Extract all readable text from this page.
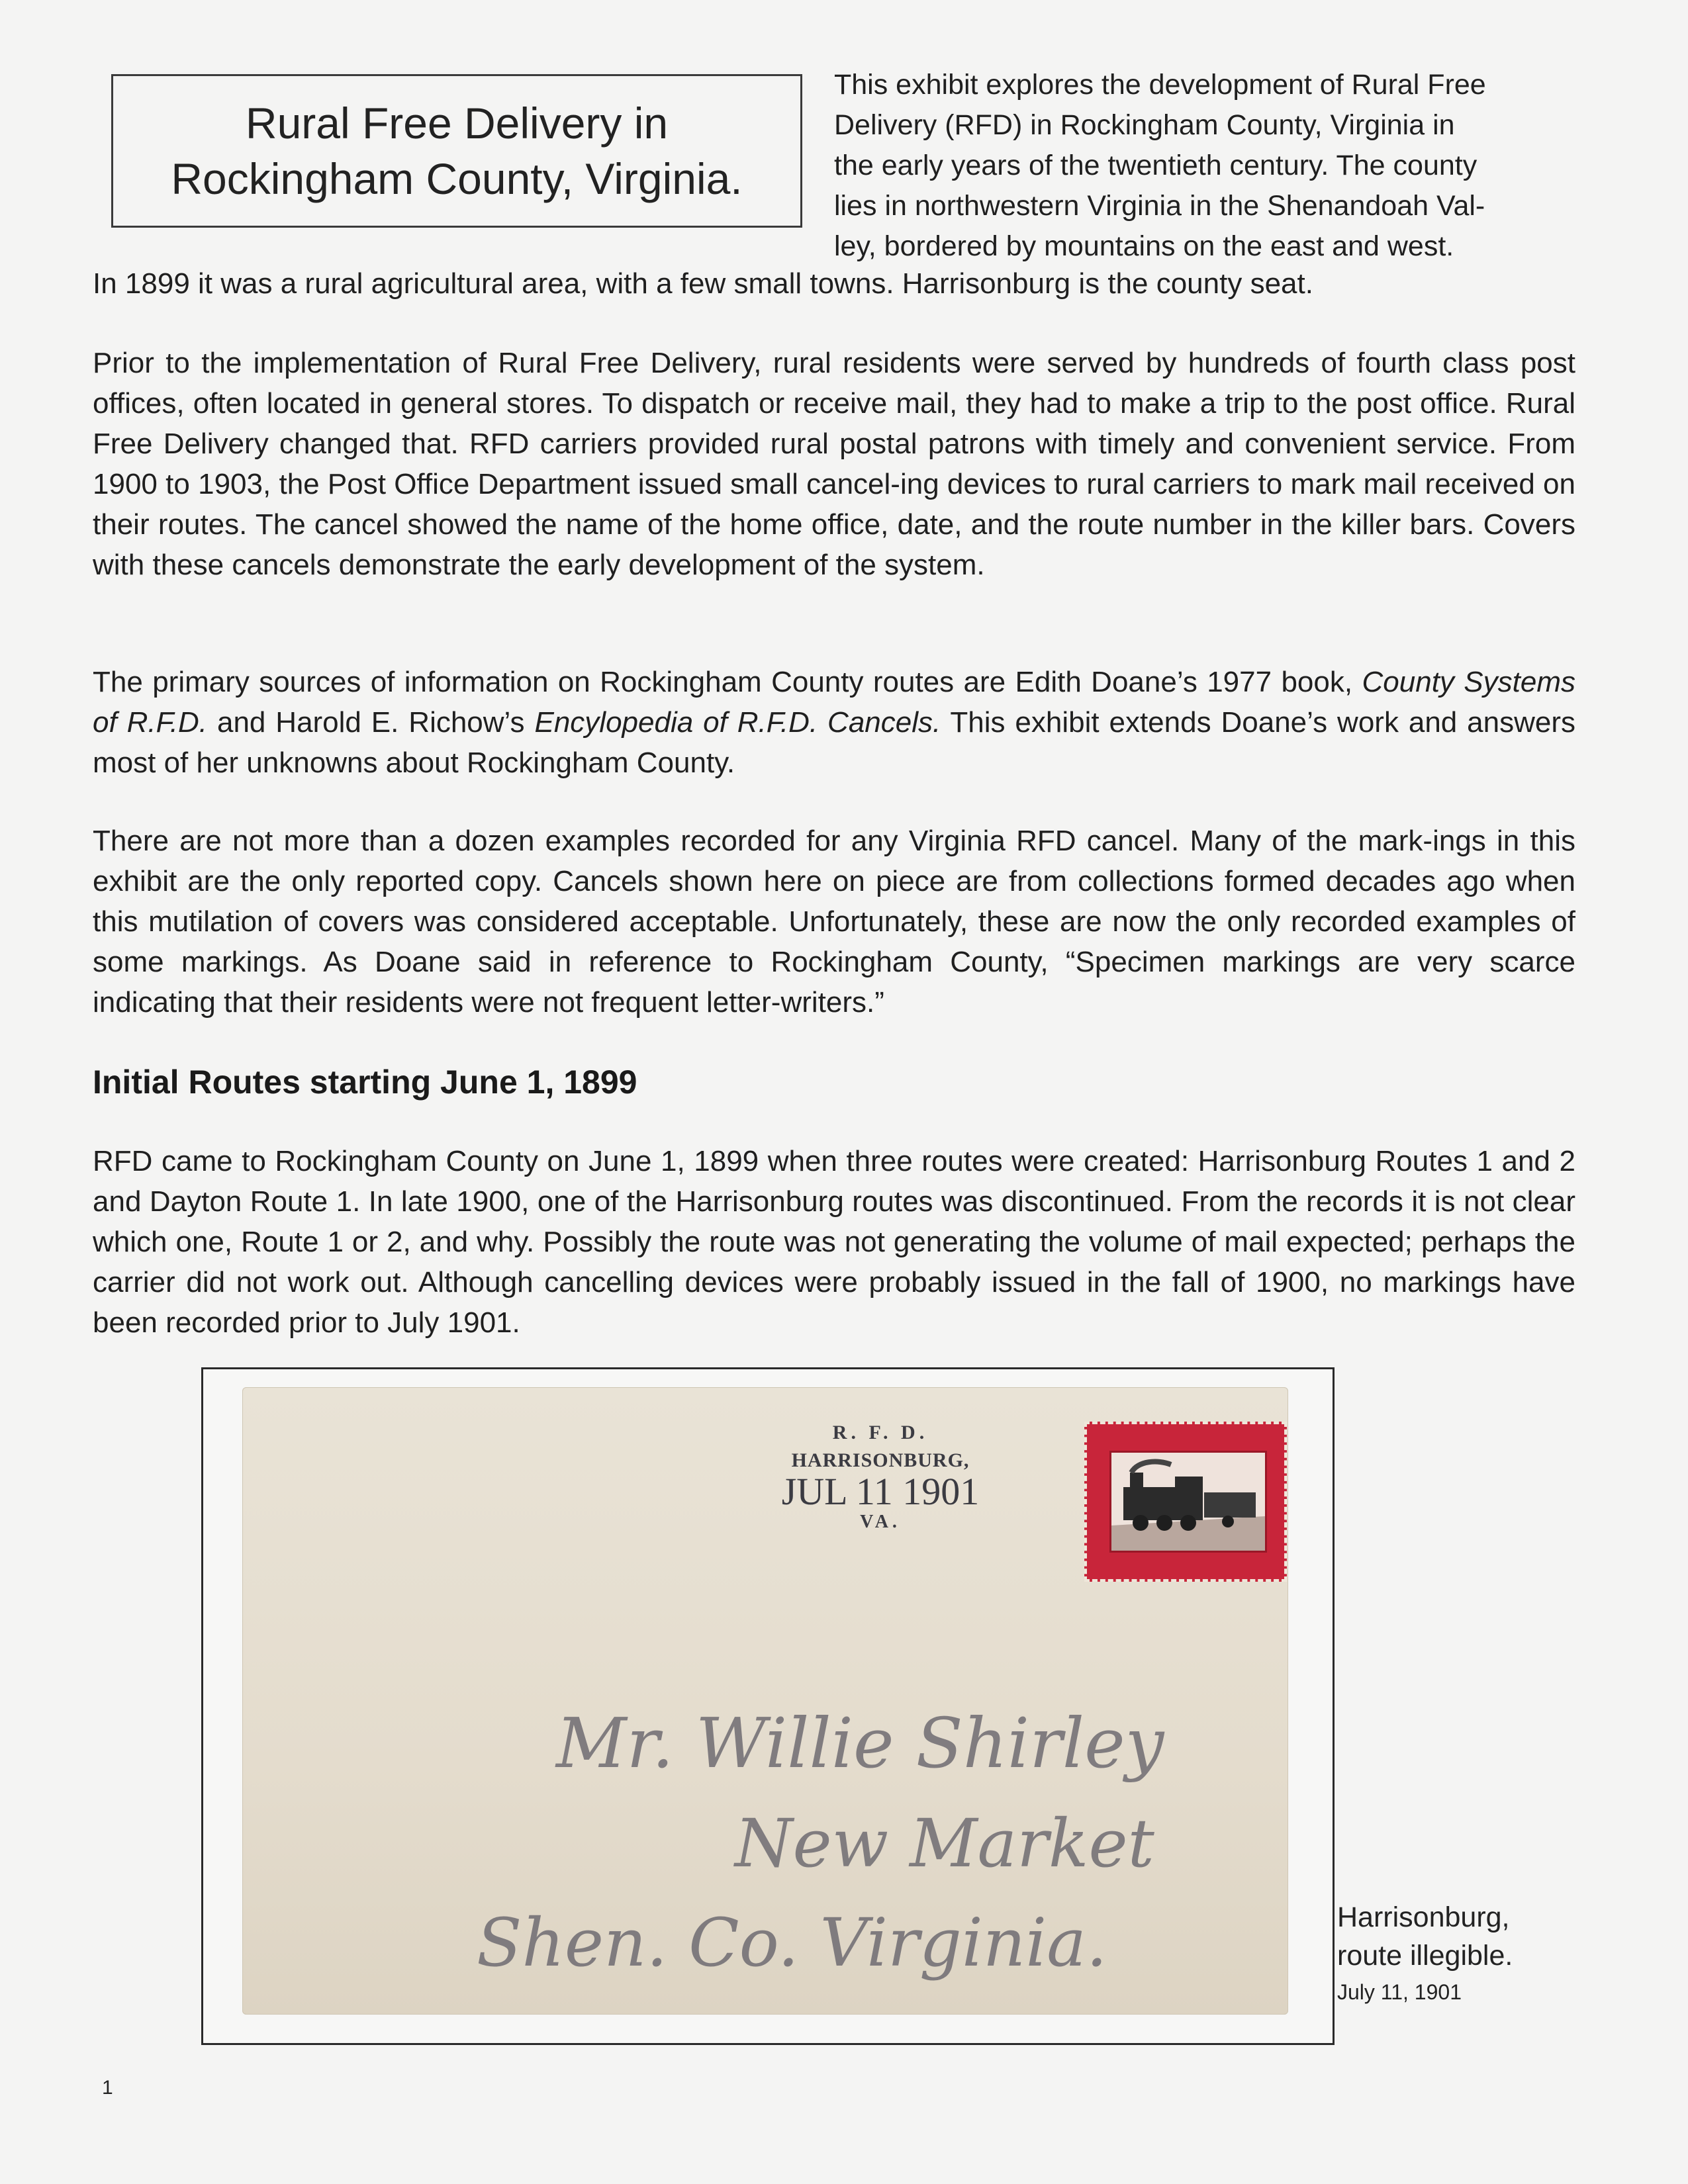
Rural Free Delivery in
Rockingham County, Virginia.
This exhibit explores the development of Rural Free
Delivery (RFD) in Rockingham County, Virginia in
the early years of the twentieth century. The county
lies in northwestern Virginia in the Shenandoah Val-
ley, bordered by mountains on the east and west.
In 1899 it was a rural agricultural area, with a few small towns. Harrisonburg is the county seat.
Prior to the implementation of Rural Free Delivery, rural residents were served by hundreds of fourth class post offices, often located in general stores. To dispatch or receive mail, they had to make a trip to the post office. Rural Free Delivery changed that. RFD carriers provided rural postal patrons with timely and convenient service. From 1900 to 1903, the Post Office Department issued small cancel-ing devices to rural carriers to mark mail received on their routes. The cancel showed the name of the home office, date, and the route number in the killer bars. Covers with these cancels demonstrate the early development of the system.
The primary sources of information on Rockingham County routes are Edith Doane’s 1977 book, County Systems of R.F.D. and Harold E. Richow’s Encylopedia of R.F.D. Cancels. This exhibit extends Doane’s work and answers most of her unknowns about Rockingham County.
There are not more than a dozen examples recorded for any Virginia RFD cancel. Many of the mark-ings in this exhibit are the only reported copy. Cancels shown here on piece are from collections formed decades ago when this mutilation of covers was considered acceptable. Unfortunately, these are now the only recorded examples of some markings. As Doane said in reference to Rockingham County, “Specimen markings are very scarce indicating that their residents were not frequent letter-writers.”
Initial Routes starting June 1, 1899
RFD came to Rockingham County on June 1, 1899 when three routes were created: Harrisonburg Routes 1 and 2 and Dayton Route 1. In late 1900, one of the Harrisonburg routes was discontinued. From the records it is not clear which one, Route 1 or 2, and why. Possibly the route was not generating the volume of mail expected; perhaps the carrier did not work out. Although cancelling devices were probably issued in the fall of 1900, no markings have been recorded prior to July 1901.
R. F. D.
HARRISONBURG,
JUL 11 1901
VA.
Mr. Willie Shirley
New Market
Shen. Co. Virginia.	Harrisonburg,
route illegible.
July 11, 1901
1
